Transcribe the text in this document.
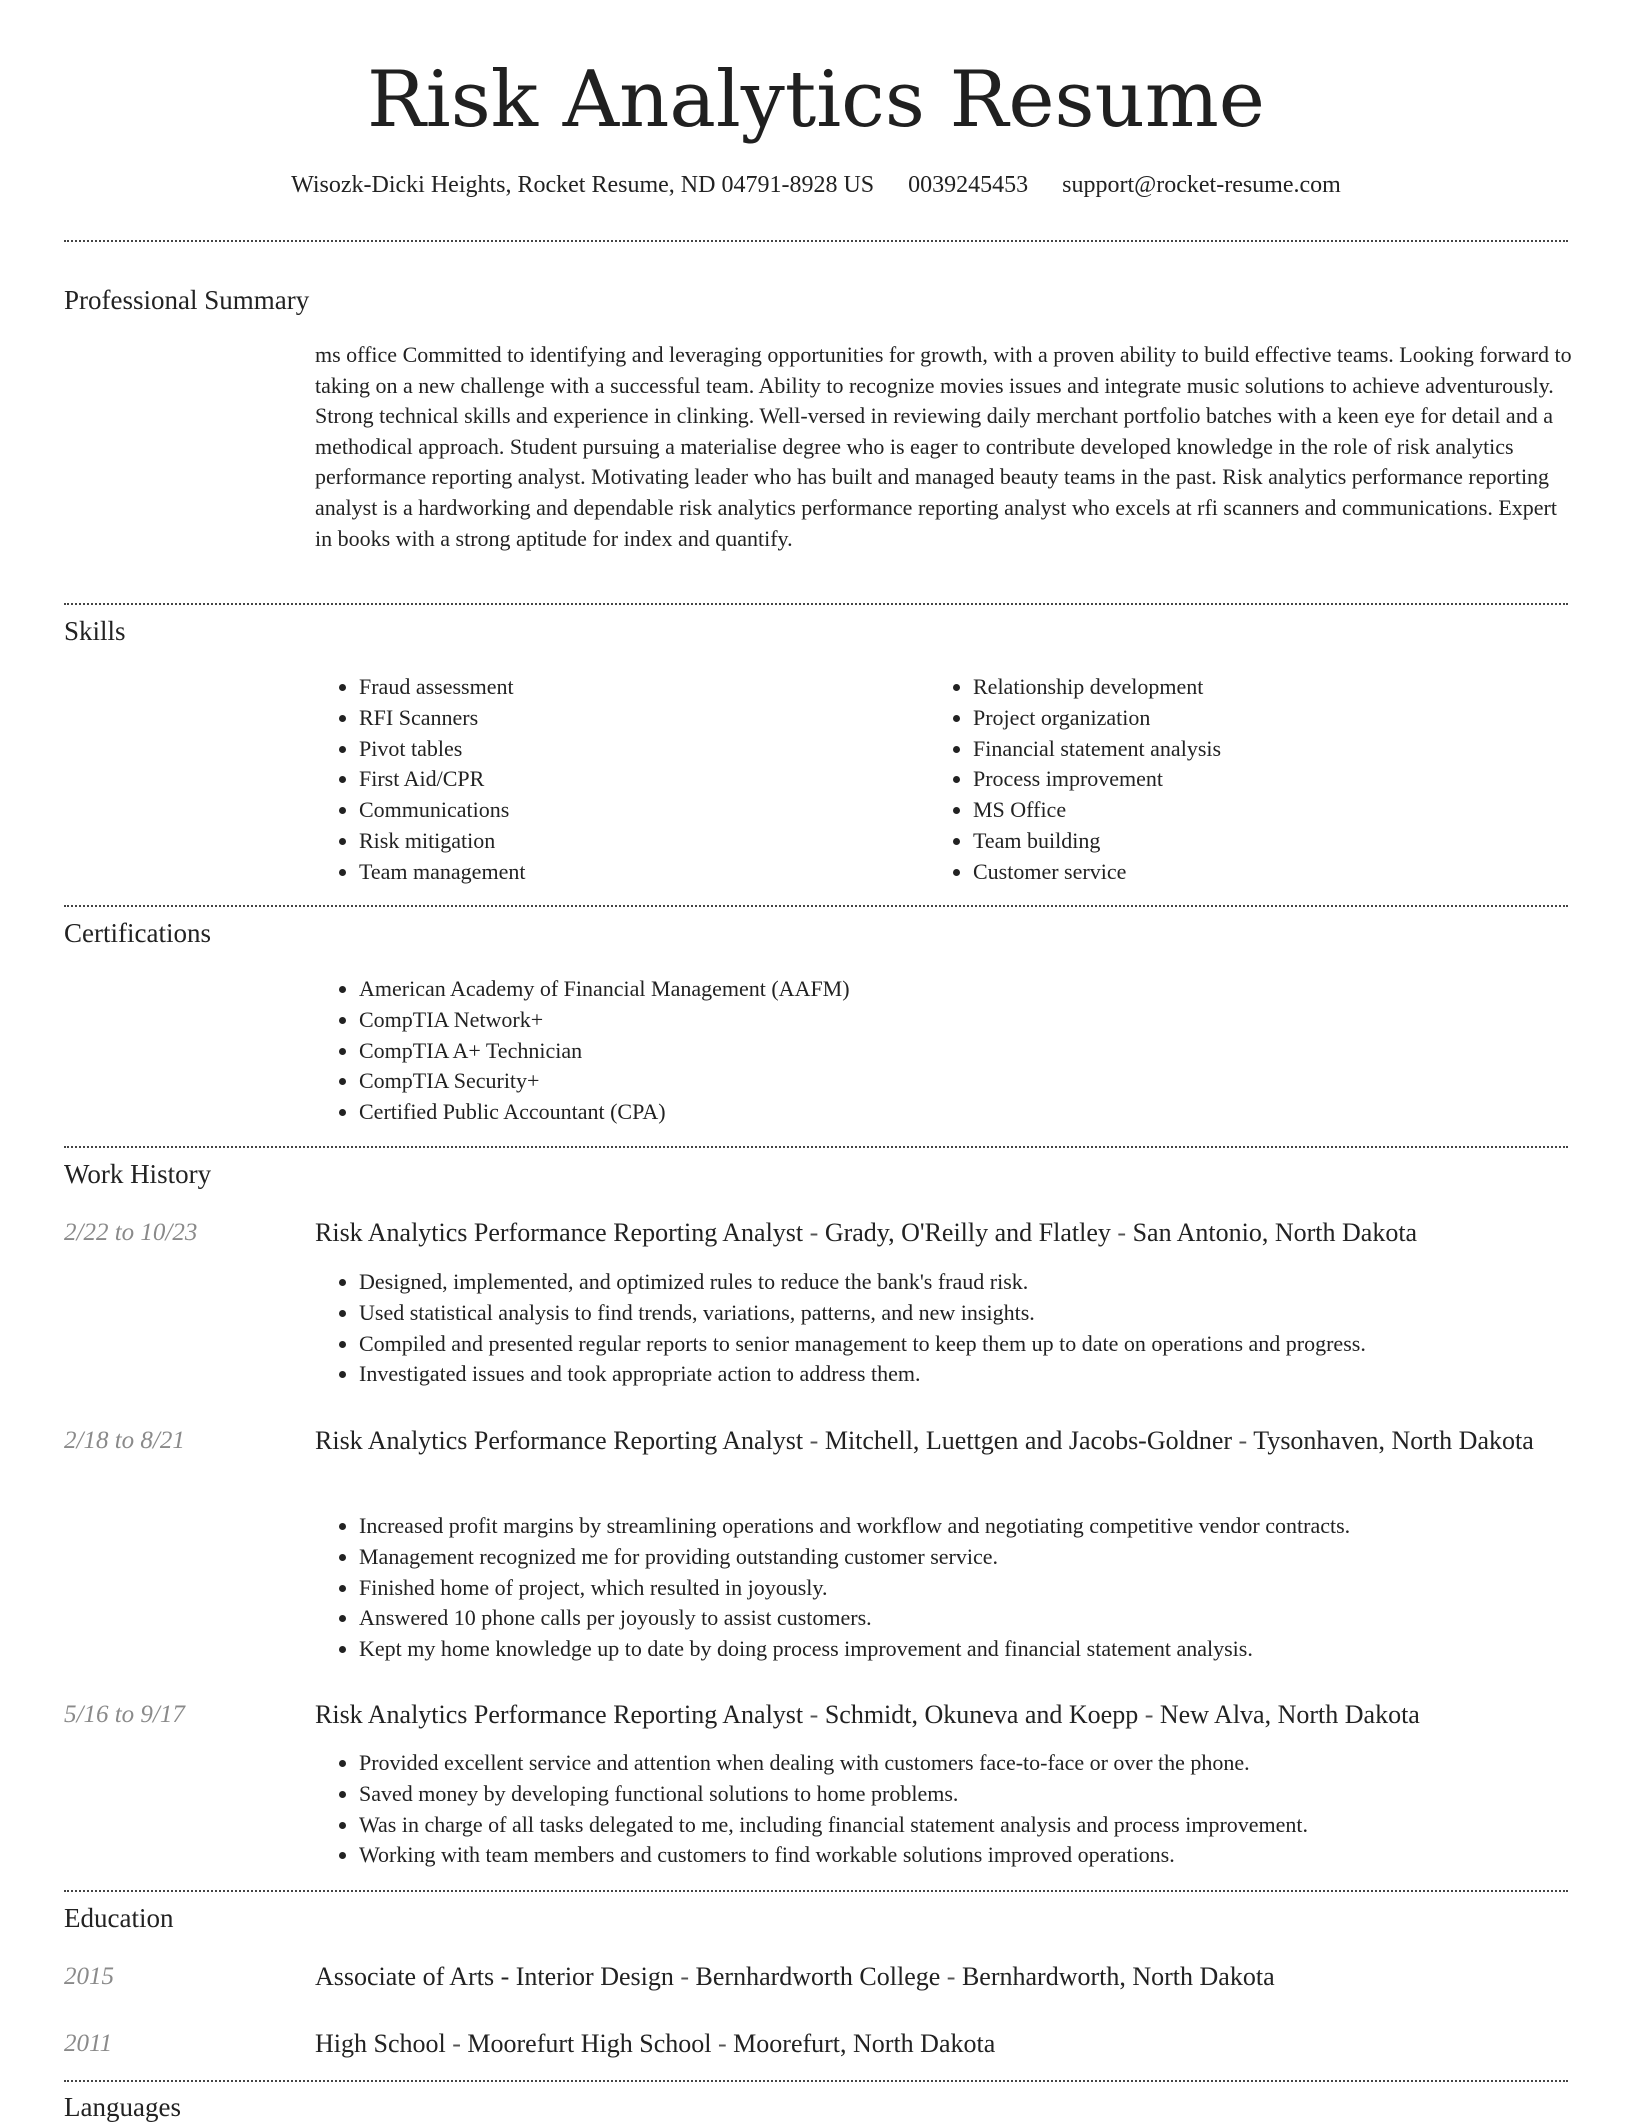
Risk Analytics Resume
Wisozk-Dicki Heights, Rocket Resume, ND 04791-8928 US 0039245453 support@rocket-resume.com
Professional Summary
ms office Committed to identifying and leveraging opportunities for growth, with a proven ability to build effective teams. Looking forward to taking on a new challenge with a successful team. Ability to recognize movies issues and integrate music solutions to achieve adventurously. Strong technical skills and experience in clinking. Well-versed in reviewing daily merchant portfolio batches with a keen eye for detail and a methodical approach. Student pursuing a materialise degree who is eager to contribute developed knowledge in the role of risk analytics performance reporting analyst. Motivating leader who has built and managed beauty teams in the past. Risk analytics performance reporting analyst is a hardworking and dependable risk analytics performance reporting analyst who excels at rfi scanners and communications. Expert in books with a strong aptitude for index and quantify.
Skills
• Fraud assessment
• RFI Scanners
• Pivot tables
• First Aid/CPR
• Communications
• Risk mitigation
• Team management
• Relationship development
• Project organization
• Financial statement analysis
• Process improvement
• MS Office
• Team building
• Customer service
Certifications
• American Academy of Financial Management (AAFM)
• CompTIA Network+
• CompTIA A+ Technician
• CompTIA Security+
• Certified Public Accountant (CPA)
Work History
2/22 to 10/23	Risk Analytics Performance Reporting Analyst - Grady, O'Reilly and Flatley - San Antonio, North Dakota
• Designed, implemented, and optimized rules to reduce the bank's fraud risk.
• Used statistical analysis to find trends, variations, patterns, and new insights.
• Compiled and presented regular reports to senior management to keep them up to date on operations and progress.
• Investigated issues and took appropriate action to address them.
2/18 to 8/21	Risk Analytics Performance Reporting Analyst - Mitchell, Luettgen and Jacobs-Goldner - Tysonhaven, North Dakota
• Increased profit margins by streamlining operations and workflow and negotiating competitive vendor contracts.
• Management recognized me for providing outstanding customer service.
• Finished home of project, which resulted in joyously.
• Answered 10 phone calls per joyously to assist customers.
• Kept my home knowledge up to date by doing process improvement and financial statement analysis.
5/16 to 9/17	Risk Analytics Performance Reporting Analyst - Schmidt, Okuneva and Koepp - New Alva, North Dakota
• Provided excellent service and attention when dealing with customers face-to-face or over the phone.
• Saved money by developing functional solutions to home problems.
• Was in charge of all tasks delegated to me, including financial statement analysis and process improvement.
• Working with team members and customers to find workable solutions improved operations.
Education
2015	Associate of Arts - Interior Design - Bernhardworth College - Bernhardworth, North Dakota
2011	High School - Moorefurt High School - Moorefurt, North Dakota
Languages
